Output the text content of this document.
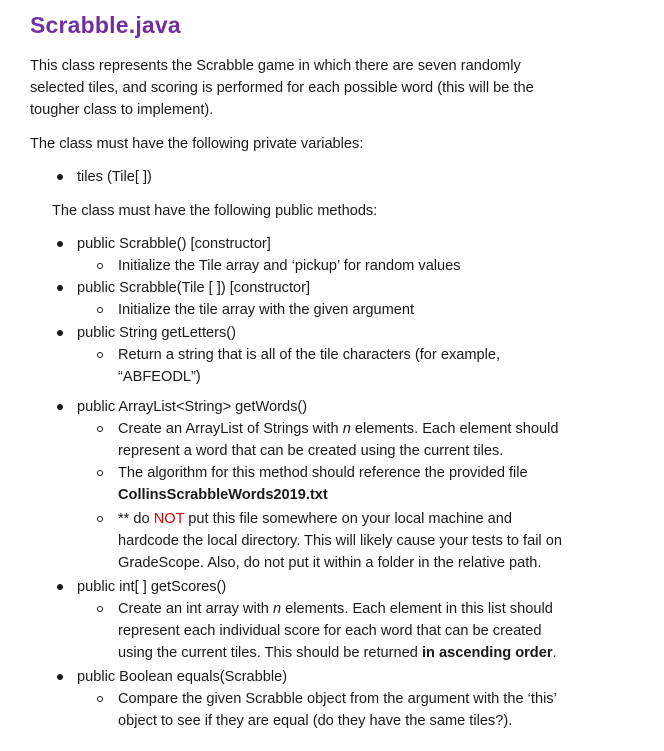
Scrabble.java

This class represents the Scrabble game in which there are seven randomly
selected tiles, and scoring is performed for each possible word (this will be the
tougher class to implement).

The class must have the following private variables:

tiles (Tile[ ])

The class must have the following public methods:

public Scrabble() [constructor]

Initialize the Tile array and ‘pickup’ for random values

public Scrabble(Tile [ ]) [constructor]

Initialize the tile array with the given argument

public String getLetters()

Return a string that is all of the tile characters (for example,
“ABFEODL”)

public ArrayList<String> getWords()

Create an ArrayList of Strings with n elements. Each element should
represent a word that can be created using the current tiles.

The algorithm for this method should reference the provided file
CollinsScrabbleWords2019.txt

** do NOT put this file somewhere on your local machine and
hardcode the local directory. This will likely cause your tests to fail on
GradeScope. Also, do not put it within a folder in the relative path.

public int[ ] getScores()

Create an int array with n elements. Each element in this list should
represent each individual score for each word that can be created
using the current tiles. This should be returned in ascending order.

public Boolean equals(Scrabble)

Compare the given Scrabble object from the argument with the ‘this’
object to see if they are equal (do they have the same tiles?).
